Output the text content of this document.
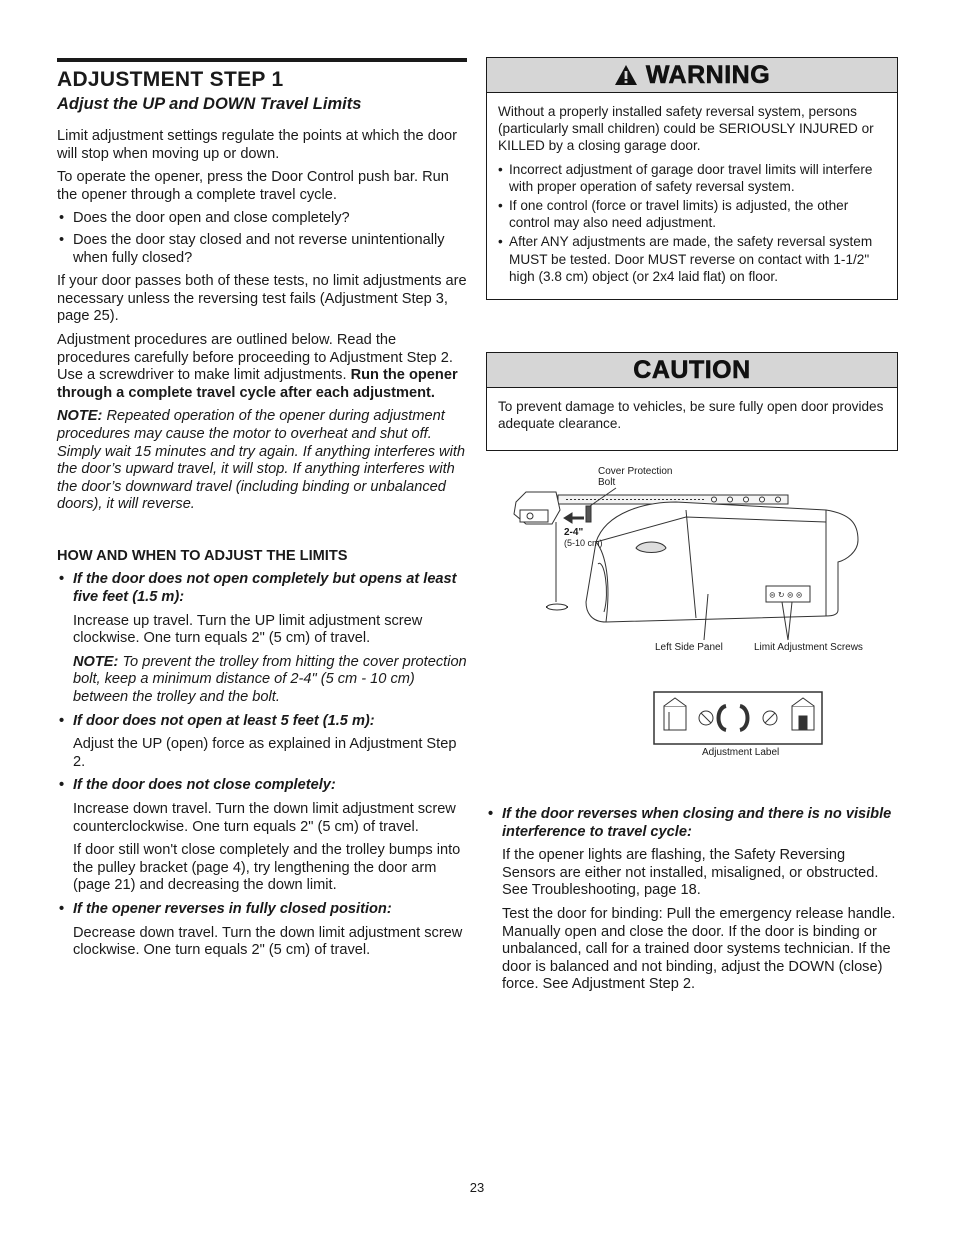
ADJUSTMENT STEP 1
Adjust the UP and DOWN Travel Limits

Limit adjustment settings regulate the points at which the door will stop when moving up or down.

To operate the opener, press the Door Control push bar. Run the opener through a complete travel cycle.

• Does the door open and close completely?
• Does the door stay closed and not reverse unintentionally when fully closed?

If your door passes both of these tests, no limit adjustments are necessary unless the reversing test fails (Adjustment Step 3, page 25).

Adjustment procedures are outlined below. Read the procedures carefully before proceeding to Adjustment Step 2. Use a screwdriver to make limit adjustments. Run the opener through a complete travel cycle after each adjustment.

NOTE: Repeated operation of the opener during adjustment procedures may cause the motor to overheat and shut off. Simply wait 15 minutes and try again. If anything interferes with the door’s upward travel, it will stop. If anything interferes with the door’s downward travel (including binding or unbalanced doors), it will reverse.

HOW AND WHEN TO ADJUST THE LIMITS
• If the door does not open completely but opens at least five feet (1.5 m):

Increase up travel. Turn the UP limit adjustment screw clockwise. One turn equals 2" (5 cm) of travel.

NOTE: To prevent the trolley from hitting the cover protection bolt, keep a minimum distance of 2-4" (5 cm - 10 cm) between the trolley and the bolt.

• If door does not open at least 5 feet (1.5 m):

Adjust the UP (open) force as explained in Adjustment Step 2.

• If the door does not close completely:

Increase down travel. Turn the down limit adjustment screw counterclockwise. One turn equals 2" (5 cm) of travel.

If door still won't close completely and the trolley bumps into the pulley bracket (page 4), try lengthening the door arm (page 21) and decreasing the down limit.

• If the opener reverses in fully closed position:

Decrease down travel. Turn the down limit adjustment screw clockwise. One turn equals 2" (5 cm) of travel.

WARNING

Without a properly installed safety reversal system, persons (particularly small children) could be SERIOUSLY INJURED or KILLED by a closing garage door.

• Incorrect adjustment of garage door travel limits will interfere with proper operation of safety reversal system.
• If one control (force or travel limits) is adjusted, the other control may also need adjustment.
• After ANY adjustments are made, the safety reversal system MUST be tested. Door MUST reverse on contact with 1-1/2" high (3.8 cm) object (or 2x4 laid flat) on floor.
CAUTION

To prevent damage to vehicles, be sure fully open door provides adequate clearance.

⊜ ↻ ⊜ ⊜
Cover Protection Bolt
2-4"
(5-10 cm)
Left Side Panel	Limit Adjustment Screws
Adjustment Label
• If the door reverses when closing and there is no visible interference to travel cycle:

If the opener lights are flashing, the Safety Reversing Sensors are either not installed, misaligned, or obstructed. See Troubleshooting, page 18.

Test the door for binding: Pull the emergency release handle. Manually open and close the door. If the door is binding or unbalanced, call for a trained door systems technician. If the door is balanced and not binding, adjust the DOWN (close) force. See Adjustment Step 2.

23
